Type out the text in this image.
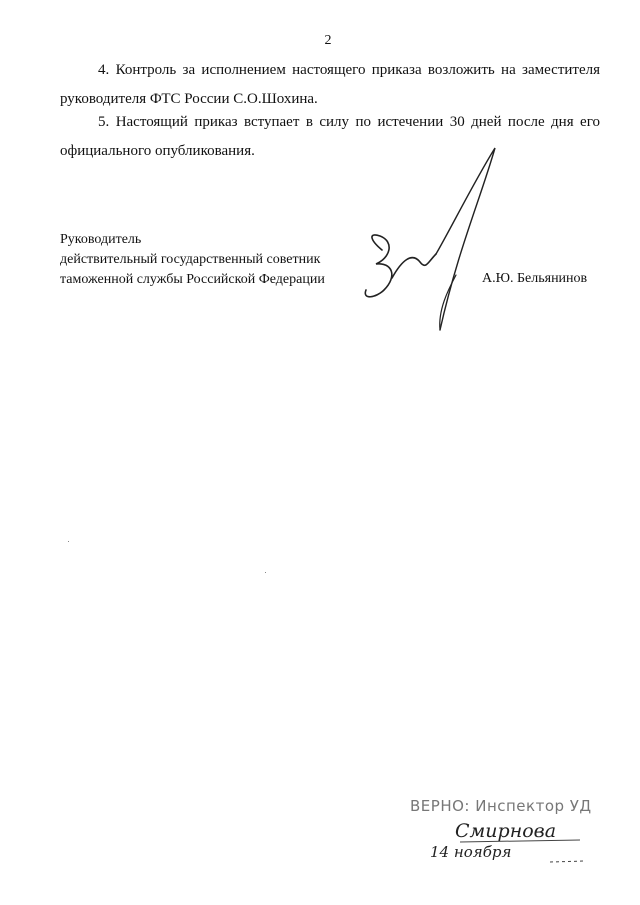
2

4. Контроль за исполнением настоящего приказа возложить на заместителя руководителя ФТС России С.О.Шохина.

5. Настоящий приказ вступает в силу по истечении 30 дней после дня его официального опубликования.

Руководитель
действительный государственный советник
таможенной службы Российской Федерации	А.Ю. Бельянинов
ВЕРНО: Инспектор УД
Смирнова
14 ноября
